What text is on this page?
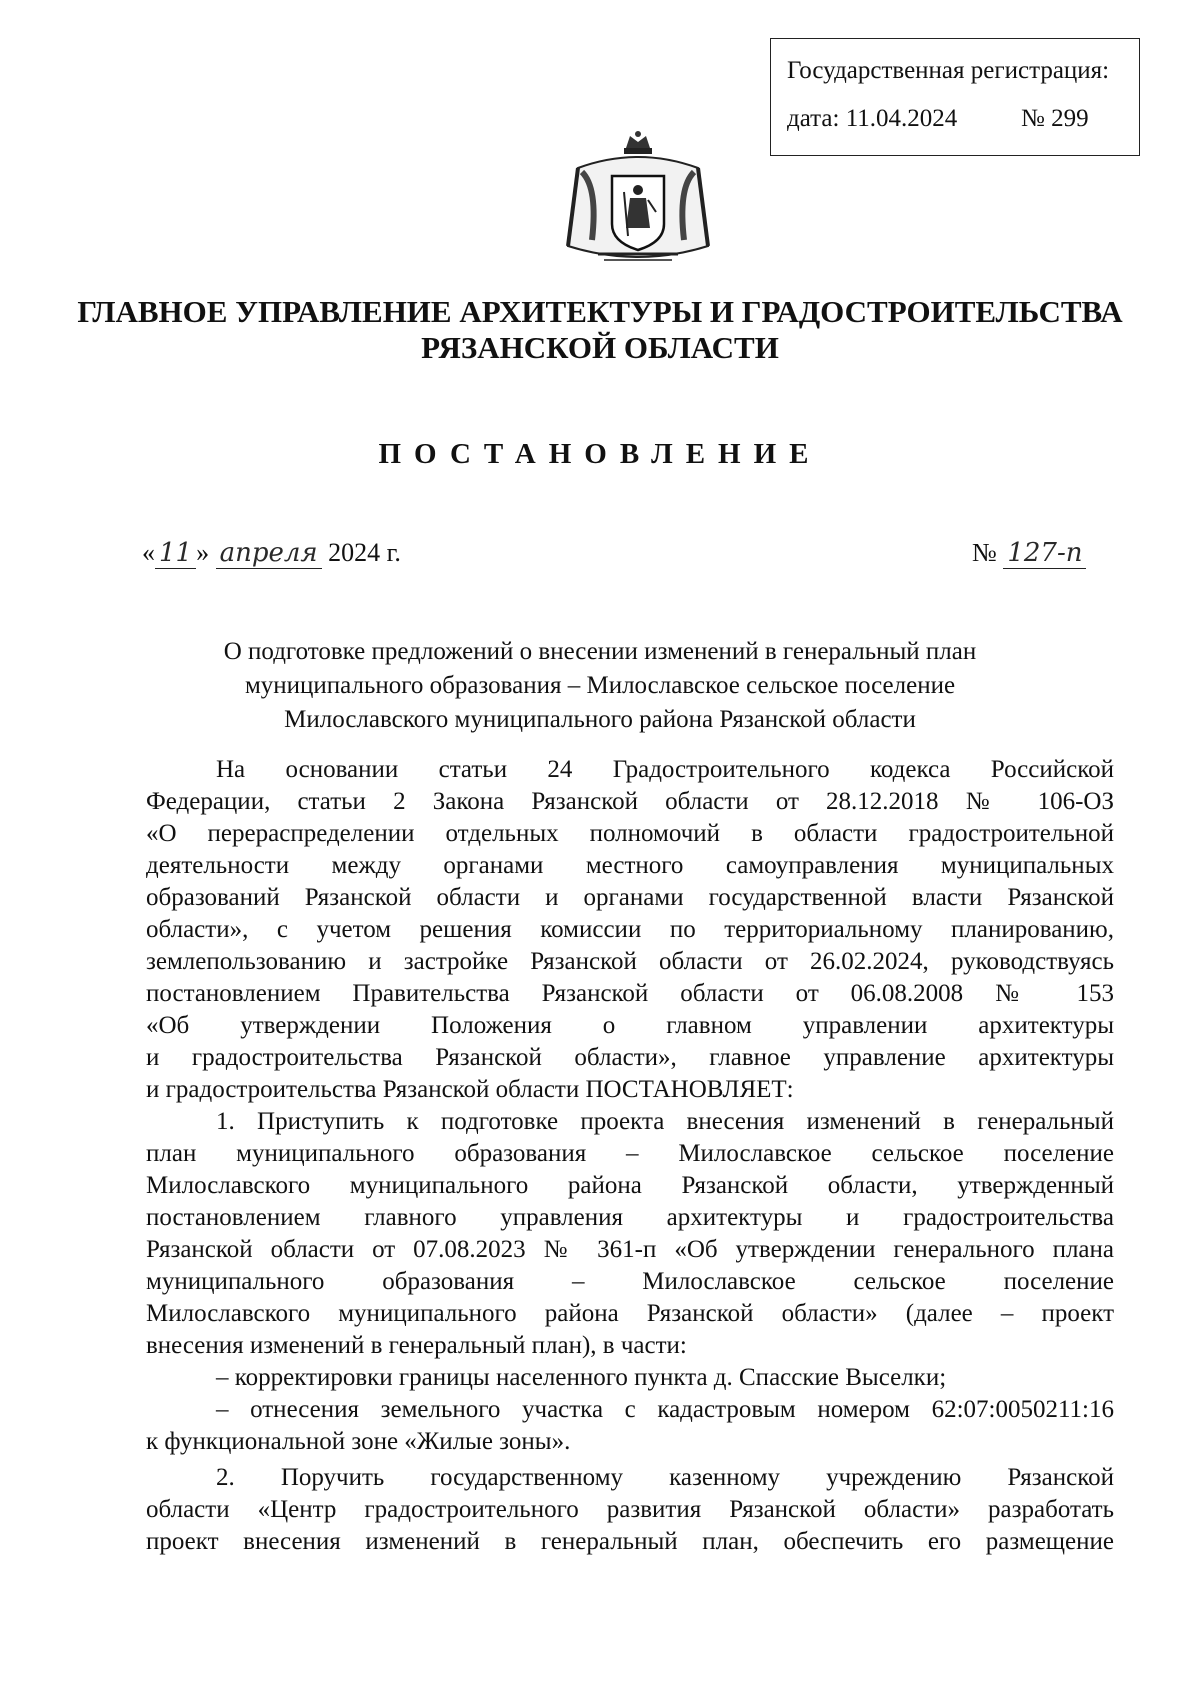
Государственная регистрация:
дата: 11.04.2024	№ 299
ГЛАВНОЕ УПРАВЛЕНИЕ АРХИТЕКТУРЫ И ГРАДОСТРОИТЕЛЬСТВА
РЯЗАНСКОЙ ОБЛАСТИ
ПОСТАНОВЛЕНИЕ
« 11 » апреля 2024 г.	№ 127-п
О подготовке предложений о внесении изменений в генеральный план
муниципального образования – Милославское сельское поселение
Милославского муниципального района Рязанской области
На основании статьи 24 Градостроительного кодекса Российской
Федерации, статьи 2 Закона Рязанской области от 28.12.2018 № 106-ОЗ
«О перераспределении отдельных полномочий в области градостроительной
деятельности между органами местного самоуправления муниципальных
образований Рязанской области и органами государственной власти Рязанской
области», с учетом решения комиссии по территориальному планированию,
землепользованию и застройке Рязанской области от 26.02.2024, руководствуясь
постановлением Правительства Рязанской области от 06.08.2008 № 153
«Об утверждении Положения о главном управлении архитектуры
и градостроительства Рязанской области», главное управление архитектуры
и градостроительства Рязанской области ПОСТАНОВЛЯЕТ:
1. Приступить к подготовке проекта внесения изменений в генеральный
план муниципального образования – Милославское сельское поселение
Милославского муниципального района Рязанской области, утвержденный
постановлением главного управления архитектуры и градостроительства
Рязанской области от 07.08.2023 № 361-п «Об утверждении генерального плана
муниципального образования – Милославское сельское поселение
Милославского муниципального района Рязанской области» (далее – проект
внесения изменений в генеральный план), в части:
– корректировки границы населенного пункта д. Спасские Выселки;
– отнесения земельного участка с кадастровым номером 62:07:0050211:16
к функциональной зоне «Жилые зоны».
2. Поручить государственному казенному учреждению Рязанской
области «Центр градостроительного развития Рязанской области» разработать
проект внесения изменений в генеральный план, обеспечить его размещение
